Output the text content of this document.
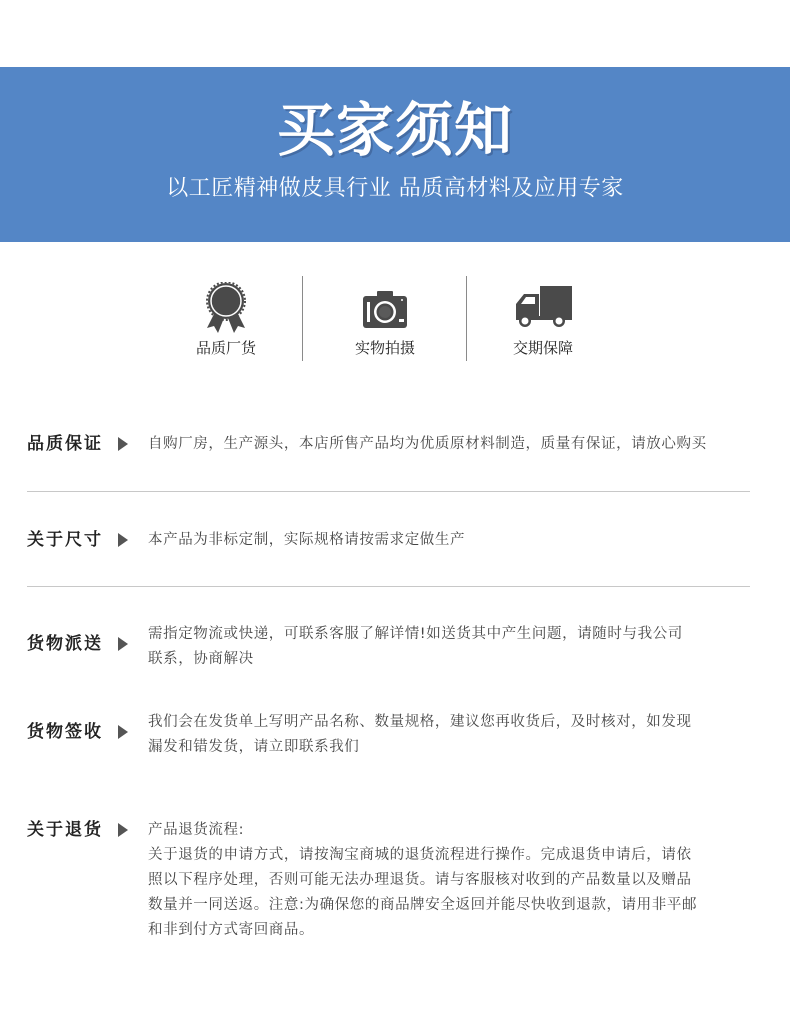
买家须知
以工匠精神做皮具行业 品质高材料及应用专家
品质厂货	实物拍摄	交期保障
品质保证	自购厂房，生产源头，本店所售产品均为优质原材料制造，质量有保证，请放心购买

关于尺寸	本产品为非标定制，实际规格请按需求定做生产

货物派送	需指定物流或快递，可联系客服了解详情!如送货其中产生问题，请随时与我公司

联系，协商解决

货物签收	我们会在发货单上写明产品名称、数量规格，建议您再收货后，及时核对，如发现

漏发和错发货，请立即联系我们

关于退货	产品退货流程:

关于退货的申请方式，请按淘宝商城的退货流程进行操作。完成退货申请后，请依

照以下程序处理，否则可能无法办理退货。请与客服核对收到的产品数量以及赠品

数量并一同送返。注意:为确保您的商品牌安全返回并能尽快收到退款，请用非平邮

和非到付方式寄回商品。
